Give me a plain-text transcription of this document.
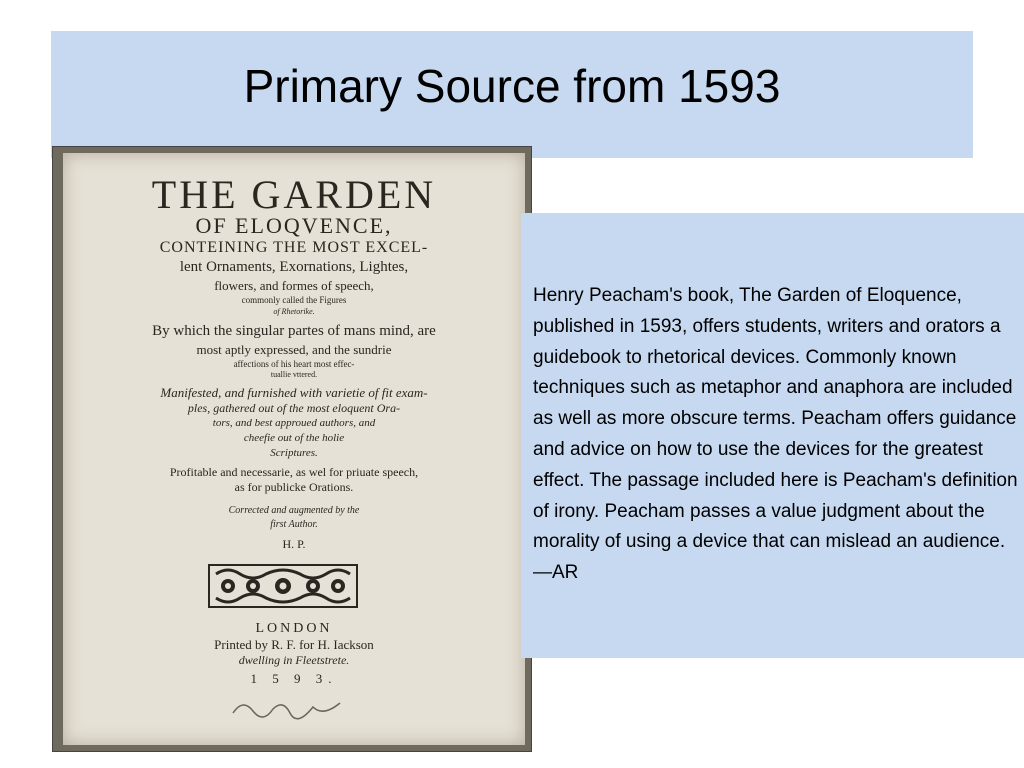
Primary Source from 1593
THE GARDEN
OF ELOQVENCE,
CONTEINING THE MOST EXCEL-
lent Ornaments, Exornations, Lightes,
flowers, and formes of speech,
commonly called the Figures
of Rhetorike.
By which the singular partes of mans mind, are
most aptly expressed, and the sundrie
affections of his heart most effec-
tuallie vttered.
Manifested, and furnished with varietie of fit exam-
ples, gathered out of the most eloquent Ora-
tors, and best approued authors, and
cheefie out of the holie
Scriptures.
Profitable and necessarie, as wel for priuate speech,
as for publicke Orations.
Corrected and augmented by the
first Author.
H. P.
LONDON
Printed by R. F. for H. Iackson
dwelling in Fleetstrete.
1 5 9 3.
Henry Peacham's book, The Garden of Eloquence, published in 1593, offers students, writers and orators a guidebook to rhetorical devices. Commonly known techniques such as metaphor and anaphora are included as well as more obscure terms. Peacham offers guidance and advice on how to use the devices for the greatest effect. The passage included here is Peacham's definition of irony. Peacham passes a value judgment about the morality of using a device that can mislead an audience.—AR
